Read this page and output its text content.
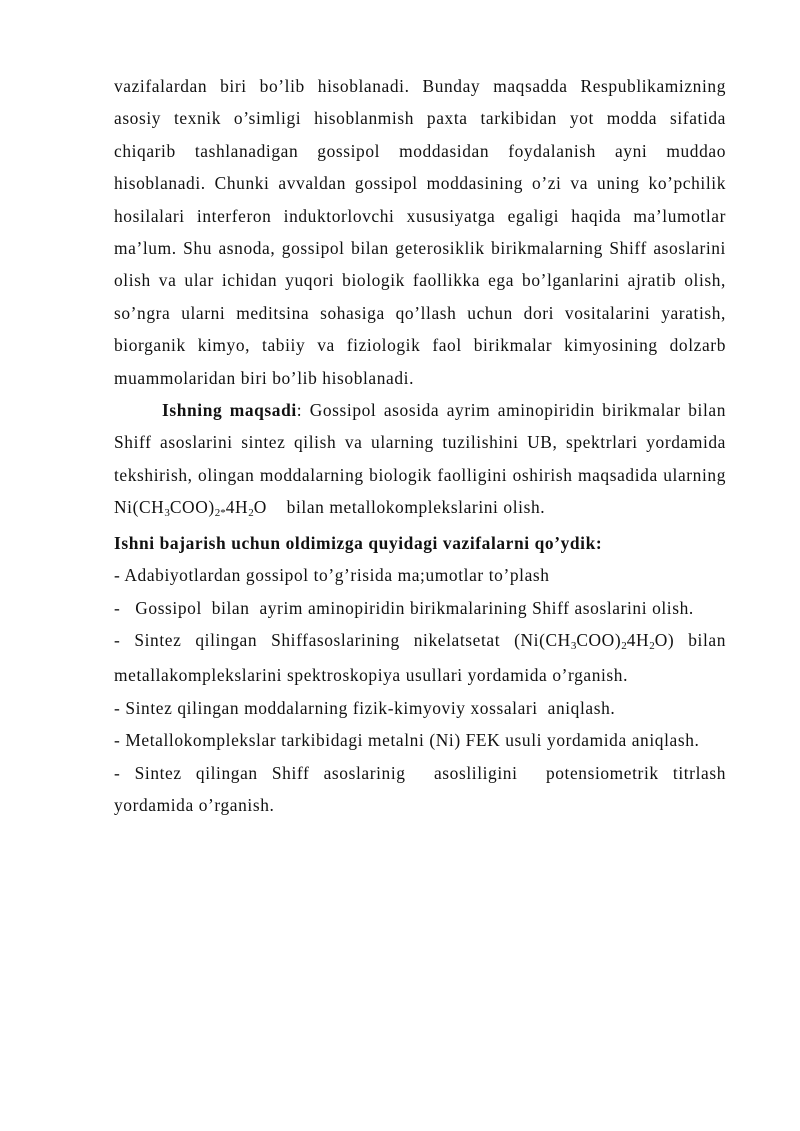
vazifalardan biri bo’lib hisoblanadi. Bunday maqsadda Respublikamizning asosiy texnik o’simligi hisoblanmish paxta tarkibidan yot modda sifatida chiqarib tashlanadigan gossipol moddasidan foydalanish ayni muddao hisoblanadi. Chunki avvaldan gossipol moddasining o’zi va uning ko’pchilik hosilalari interferon induktorlovchi xususiyatga egaligi haqida ma’lumotlar ma’lum. Shu asnoda, gossipol bilan geterosiklik birikmalarning Shiff asoslarini olish va ular ichidan yuqori biologik faollikka ega bo’lganlarini ajratib olish, so’ngra ularni meditsina sohasiga qo’llash uchun dori vositalarini yaratish, biorganik kimyo, tabiiy va fiziologik faol birikmalar kimyosining dolzarb muammolaridan biri bo’lib hisoblanadi.

Ishning maqsadi: Gossipol asosida ayrim aminopiridin birikmalar bilan Shiff asoslarini sintez qilish va ularning tuzilishini UB, spektrlari yordamida tekshirish, olingan moddalarning biologik faolligini oshirish maqsadida ularning $Ni(CH_3COO)_{2*}4H_2O$    bilan metallokomplekslarini olish.

Ishni bajarish uchun oldimizga quyidagi vazifalarni qo’ydik:

- Adabiyotlardan gossipol to’g’risida ma;umotlar to’plash

-   Gossipol  bilan  ayrim aminopiridin birikmalarining Shiff asoslarini olish.

- Sintez qilingan Shiffasoslarining nikelatsetat $(Ni(CH_3COO)_24H_2O)$ bilan metallakomplekslarini spektroskopiya usullari yordamida o’rganish.

- Sintez qilingan moddalarning fizik-kimyoviy xossalari  aniqlash.

- Metallokomplekslar tarkibidagi metalni (Ni) FEK usuli yordamida aniqlash.

- Sintez qilingan Shiff asoslarinig  asosliligini  potensiometrik titrlash yordamida o’rganish.
